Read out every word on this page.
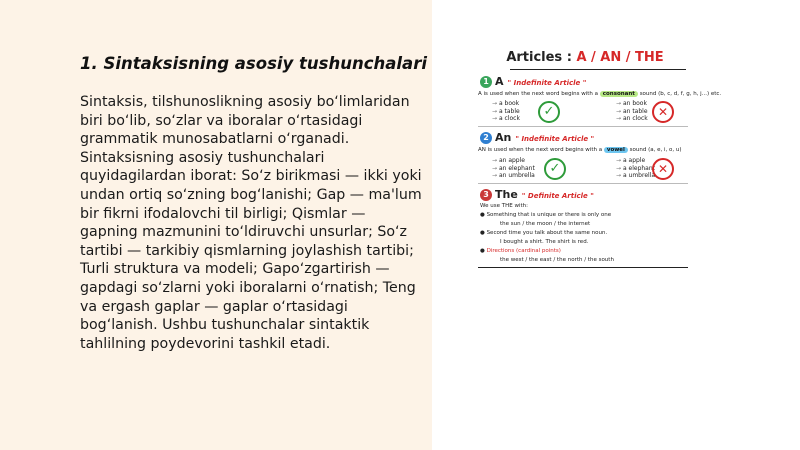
1. Sintaksisning asosiy tushunchalari

Sintaksis, tilshunoslikning asosiy bo‘limlaridan biri bo‘lib, so‘zlar va iboralar o‘rtasidagi grammatik munosabatlarni o‘rganadi. Sintaksisning asosiy tushunchalari quyidagilardan iborat: So‘z birikmasi — ikki yoki undan ortiq so‘zning bog‘lanishi; Gap — ma'lum bir fikrni ifodalovchi til birligi; Qismlar — gapning mazmunini to‘ldiruvchi unsurlar; So‘z tartibi — tarkibiy qismlarning joylashish tartibi; Turli struktura va modeli; Gapo‘zgartirish — gapdagi so‘zlarni yoki iboralarni o‘rnatish; Teng va ergash gaplar — gaplar o‘rtasidagi bog‘lanish. Ushbu tushunchalar sintaktik tahlilning poydevorini tashkil etadi.

Articles : A / AN / THE
1 A " Indefinite Article "
A is used when the next word begins with a consonant sound (b, c, d, f, g, h, j...) etc.
→ a book
→ a table
→ a clock	✓
→ an book
→ an table
→ an clock ✕
2 An " Indefinite Article "
AN is used when the next word begins with a vowel sound (a, e, i, o, u)
→ an apple
→ an elephant
→ an umbrella	✓
→ a apple
→ a elephant
→ a umbrella ✕
3 The " Definite Article "
We use THE with:
● Something that is unique or there is only one
the sun / the moon / the internet
● Second time you talk about the same noun.
I bought a shirt. The shirt is red.
● Directions (cardinal points)
the west / the east / the north / the south
